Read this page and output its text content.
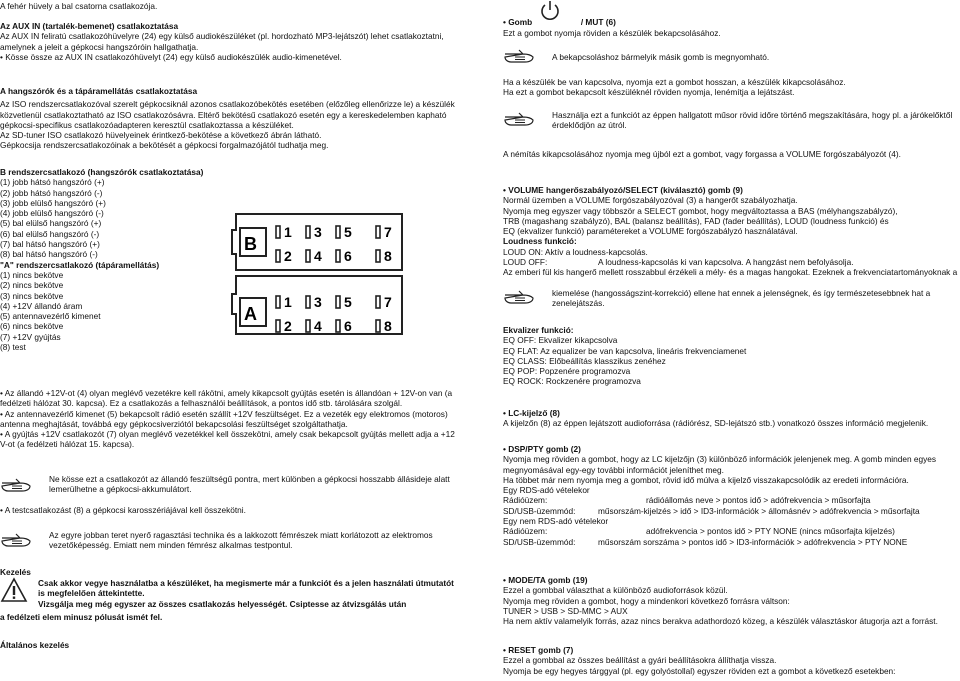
A fehér hüvely a bal csatorna csatlakozója.
Az AUX IN (tartalék-bemenet) csatlakoztatása
Az AUX IN feliratú csatlakozóhüvelyre (24) egy külső audiokészüléket (pl. hordozható MP3-lejátszót) lehet csatlakoztatni,
amelynek a jeleit a gépkocsi hangszóróin hallgathatja.
• Kösse össze az AUX IN csatlakozóhüvelyt (24) egy külső audiokészülék audio-kimenetével.
A hangszórók és a tápáramellátás csatlakoztatása
Az ISO rendszercsatlakozóval szerelt gépkocsiknál azonos csatlakozóbekötés esetében (előzőleg ellenőrizze le) a készülék
közvetlenül csatlakoztatható az ISO csatlakozósávra. Eltérő bekötésű csatlakozó esetén egy a kereskedelemben kapható
gépkocsi-specifikus csatlakozóadapteren keresztül csatlakoztassa a készüléket.
Az SD-tuner ISO csatlakozó hüvelyeinek érintkező-bekötése a következő ábrán látható.
Gépkocsija rendszercsatlakozóinak a bekötését a gépkocsi forgalmazójától tudhatja meg.
B rendszercsatlakozó (hangszórók csatlakoztatása)
(1) jobb hátsó hangszóró (+)
(2) jobb hátsó hangszóró (-)
(3) jobb elülső hangszóró (+)
(4) jobb elülső hangszóró (-)
(5) bal elülső hangszóró (+)
(6) bal elülső hangszóró (-)
(7) bal hátsó hangszóró (+)
(8) bal hátsó hangszóró (-)
"A" rendszercsatlakozó (tápáramellátás)
(1) nincs bekötve
(2) nincs bekötve
(3) nincs bekötve
(4) +12V állandó áram
(5) antennavezérlő kimenet
(6) nincs bekötve
(7) +12V gyújtás
(8) test
1 3 5 7
2 4 6 8
1 3 5 7
2 4 6 8
B
A
• Az állandó +12V-ot (4) olyan meglévő vezetékre kell rákötni, amely kikapcsolt gyújtás esetén is állandóan + 12V-on van (a
fedélzeti hálózat 30. kapcsa). Ez a csatlakozás a felhasználói beállítások, a pontos idő stb. tárolására szolgál.
• Az antennavezérlő kimenet (5) bekapcsolt rádió esetén szállít +12V feszültséget. Ez a vezeték egy elektromos (motoros)
antenna meghajtását, továbbá egy gépkocsiverziótól bekapcsolási feszültséget szolgáltathatja.
• A gyújtás +12V csatlakozót (7) olyan meglévő vezetékkel kell összekötni, amely csak bekapcsolt gyújtás mellett adja a +12
V-ot (a fedélzeti hálózat 15. kapcsa).
Ne kösse ezt a csatlakozót az állandó feszültségű pontra, mert különben a gépkocsi hosszabb állásideje alatt
lemerülhetne a gépkocsi-akkumulátort.
• A testcsatlakozást (8) a gépkocsi karosszériájával kell összekötni.
Az egyre jobban teret nyerő ragasztási technika és a lakkozott fémrészek miatt korlátozott az elektromos
vezetőképesség. Emiatt nem minden fémrész alkalmas testpontul.
Kezelés
Csak akkor vegye használatba a készüléket, ha megismerte már a funkciót és a jelen használati útmutatót
is megfelelően áttekintette.
Vizsgálja meg még egyszer az összes csatlakozás helyességét. Csiptesse az átvizsgálás után
a fedélzeti elem minusz pólusát ismét fel.
Általános kezelés
• Gomb	/ MUT (6)
Ezt a gombot nyomja röviden a készülék bekapcsolásához.
A bekapcsoláshoz bármelyik másik gomb is megnyomható.
Ha a készülék be van kapcsolva, nyomja ezt a gombot hosszan, a készülék kikapcsolásához.
Ha ezt a gombot bekapcsolt készüléknél röviden nyomja, lenémítja a lejátszást.
Használja ezt a funkciót az éppen hallgatott műsor rövid időre történő megszakítására, hogy pl. a járókelőktől
érdeklődjön az útról.
A némítás kikapcsolásához nyomja meg újból ezt a gombot, vagy forgassa a VOLUME forgószabályozót (4).
• VOLUME hangerőszabályozó/SELECT (kiválasztó) gomb (9)
Normál üzemben a VOLUME forgószabályozóval (3) a hangerőt szabályozhatja.
Nyomja meg egyszer vagy többször a SELECT gombot, hogy megváltoztassa a BAS (mélyhangszabályzó),
TRB (magashang szabályzó), BAL (balansz beállítás), FAD (fader beállítás), LOUD (loudness funkció) és
EQ (ekvalizer funkció) paramétereket a VOLUME forgószabályzó használatával.
Loudness funkció:
LOUD ON: Aktív a loudness-kapcsolás.
LOUD OFF:	A loudness-kapcsolás ki van kapcsolva. A hangzást nem befolyásolja.
Az emberi fül kis hangerő mellett rosszabbul érzékeli a mély- és a magas hangokat. Ezeknek a frekvenciatartományoknak a
kiemelése (hangosságszint-korrekció) ellene hat ennek a jelenségnek, és így természetesebbnek hat a
zenelejátszás.
Ekvalizer funkció:
EQ OFF: Ekvalizer kikapcsolva
EQ FLAT: Az equalizer be van kapcsolva, lineáris frekvenciamenet
EQ CLASS: Előbeállítás klasszikus zenéhez
EQ POP: Popzenére programozva
EQ ROCK: Rockzenére programozva
• LC-kijelző (8)
A kijelzőn (8) az éppen lejátszott audioforrása (rádiórész, SD-lejátszó stb.) vonatkozó összes információ megjelenik.
• DSP/PTY gomb (2)
Nyomja meg röviden a gombot, hogy az LC kijelzőjn (3) különböző információk jelenjenek meg. A gomb minden egyes
megnyomásával egy-egy további információt jeleníthet meg.
Ha többet már nem nyomja meg a gombot, rövid idő múlva a kijelző visszakapcsolódik az eredeti információra.
Egy RDS-adó vételekor
Rádióüzem:	rádióállomás neve > pontos idő > adófrekvencia > műsorfajta
SD/USB-üzemmód:	műsorszám-kijelzés > idő > ID3-információk > állomásnév > adófrekvencia > műsorfajta
Egy nem RDS-adó vételekor
Rádióüzem:	adófrekvencia > pontos idő > PTY NONE (nincs műsorfajta kijelzés)
SD/USB-üzemmód:	műsorszám sorszáma > pontos idő > ID3-információk > adófrekvencia > PTY NONE
• MODE/TA gomb (19)
Ezzel a gombbal választhat a különböző audioforrások közül.
Nyomja meg röviden a gombot, hogy a mindenkori következő forrásra váltson:
TUNER > USB > SD-MMC > AUX
Ha nem aktív valamelyik forrás, azaz nincs berakva adathordozó közeg, a készülék választáskor átugorja azt a forrást.
• RESET gomb (7)
Ezzel a gombbal az összes beállítást a gyári beállításokra állíthatja vissza.
Nyomja be egy hegyes tárggyal (pl. egy golyóstollal) egyszer röviden ezt a gombot a következő esetekben:
